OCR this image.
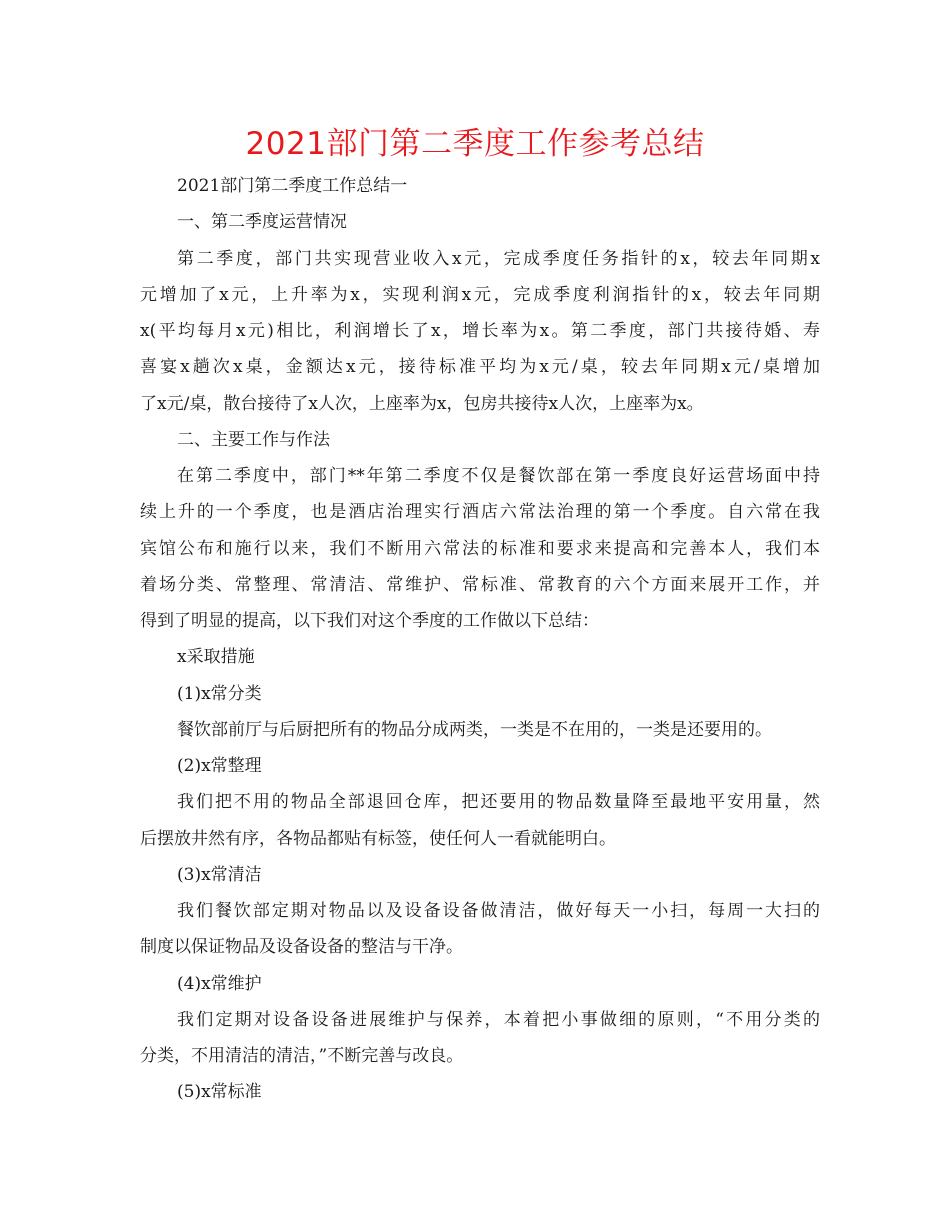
2021部门第二季度工作参考总结
2021部门第二季度工作总结一
一、第二季度运营情况
第二季度，部门共实现营业收入x元，完成季度任务指针的x，较去年同期x
元增加了x元，上升率为x，实现利润x元，完成季度利润指针的x，较去年同期
x(平均每月x元)相比，利润增长了x，增长率为x。第二季度，部门共接待婚、寿
喜宴x趟次x桌，金额达x元，接待标准平均为x元/桌，较去年同期x元/桌增加
了x元/桌，散台接待了x人次，上座率为x，包房共接待x人次，上座率为x。
二、主要工作与作法
在第二季度中，部门**年第二季度不仅是餐饮部在第一季度良好运营场面中持
续上升的一个季度，也是酒店治理实行酒店六常法治理的第一个季度。自六常在我
宾馆公布和施行以来，我们不断用六常法的标准和要求来提高和完善本人，我们本
着场分类、常整理、常清洁、常维护、常标准、常教育的六个方面来展开工作，并
得到了明显的提高，以下我们对这个季度的工作做以下总结：
x采取措施
(1)x常分类
餐饮部前厅与后厨把所有的物品分成两类，一类是不在用的，一类是还要用的。
(2)x常整理
我们把不用的物品全部退回仓库，把还要用的物品数量降至最地平安用量，然
后摆放井然有序，各物品都贴有标签，使任何人一看就能明白。
(3)x常清洁
我们餐饮部定期对物品以及设备设备做清洁，做好每天一小扫，每周一大扫的
制度以保证物品及设备设备的整洁与干净。
(4)x常维护
我们定期对设备设备进展维护与保养，本着把小事做细的原则，“不用分类的
分类，不用清洁的清洁，”不断完善与改良。
(5)x常标准
